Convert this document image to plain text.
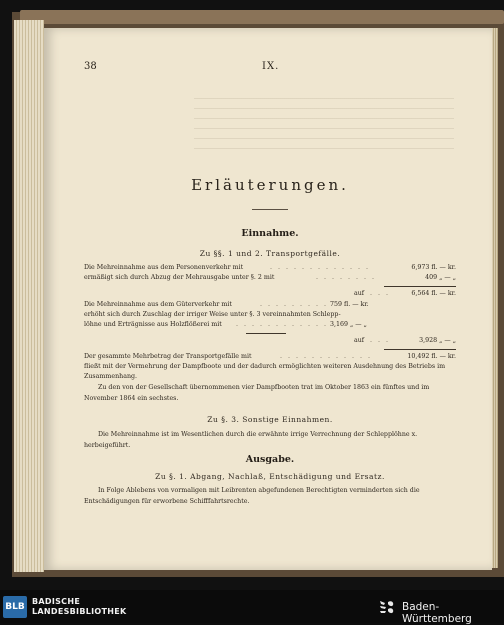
38	IX.
Erläuterungen.
Einnahme.
Zu §§. 1 und 2. Transportgefälle.
Die Mehreinnahme aus dem Personenverkehr mit	. . . . . . . . . . . . .	6,973 fl. — kr.
ermäßigt sich durch Abzug der Mehrausgabe unter §. 2 mit	. . . . . . . .	409 „ — „
auf . . .	6,564 fl. — kr.
Die Mehreinnahme aus dem Güterverkehr mit	. . . . . . . . . 759 fl. — kr.
erhöht sich durch Zuschlag der irriger Weise unter §. 3 vereinnahmten Schlepp-
löhne und Erträgnisse aus Holzflößerei mit . . . . . . . . . . . . 3,169 „ — „
auf . . .	3,928 „ — „
Der gesammte Mehrbetrag der Transportgefälle mit	. . . . . . . . . . . .	10,492 fl. — kr.
fließt mit der Vermehrung der Dampfboote und der dadurch ermöglichten weiteren Ausdehnung des Betriebs im
Zusammenhang.
Zu den von der Gesellschaft übernommenen vier Dampfbooten trat im Oktober 1863 ein fünftes und im November 1864 ein sechstes.
Zu §. 3. Sonstige Einnahmen.
Die Mehreinnahme ist im Wesentlichen durch die erwähnte irrige Verrechnung der Schlepplöhne x. herbeigeführt.
Ausgabe.
Zu §. 1. Abgang, Nachlaß, Entschädigung und Ersatz.
In Folge Ablebens von vormaligen mit Leibrenten abgefundenen Berechtigten verminderten sich die Entschädigungen für erworbene Schifffahrtsrechte.
BLB
BADISCHE
LANDESBIBLIOTHEK	Baden-Württemberg
